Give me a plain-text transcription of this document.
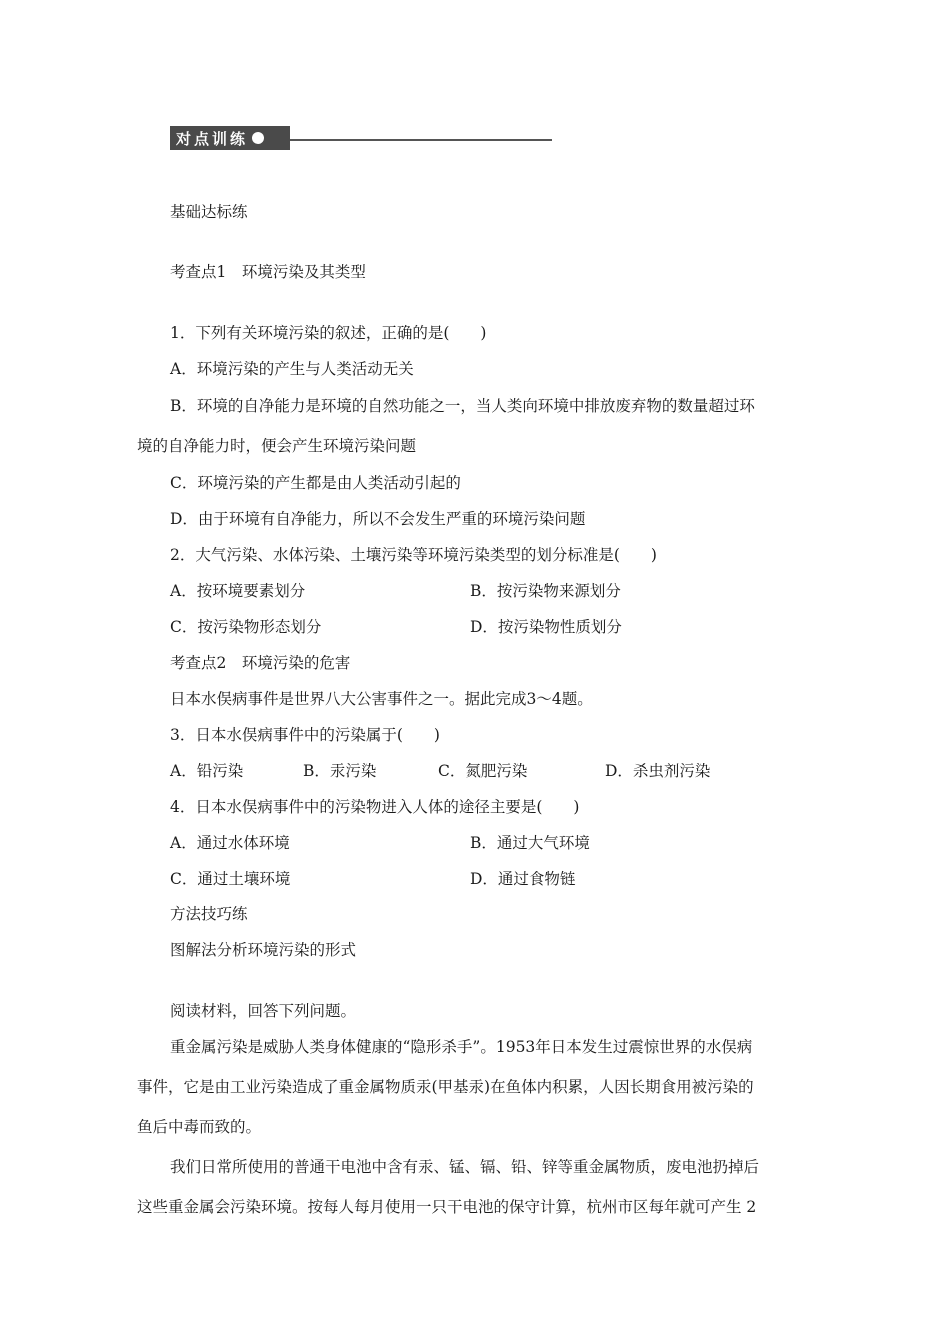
对点训练
基础达标练
考查点1　环境污染及其类型
1．下列有关环境污染的叙述，正确的是(　　)
A．环境污染的产生与人类活动无关
B．环境的自净能力是环境的自然功能之一，当人类向环境中排放废弃物的数量超过环
境的自净能力时，便会产生环境污染问题
C．环境污染的产生都是由人类活动引起的
D．由于环境有自净能力，所以不会发生严重的环境污染问题
2．大气污染、水体污染、土壤污染等环境污染类型的划分标准是(　　)
A．按环境要素划分	B．按污染物来源划分
C．按污染物形态划分	D．按污染物性质划分
考查点2　环境污染的危害
日本水俣病事件是世界八大公害事件之一。据此完成3～4题。
3．日本水俣病事件中的污染属于(　　)
A．铅污染	B．汞污染	C．氮肥污染	D．杀虫剂污染
4．日本水俣病事件中的污染物进入人体的途径主要是(　　)
A．通过水体环境	B．通过大气环境
C．通过土壤环境	D．通过食物链
方法技巧练
图解法分析环境污染的形式
阅读材料，回答下列问题。
重金属污染是威胁人类身体健康的“隐形杀手”。1953年日本发生过震惊世界的水俣病
事件，它是由工业污染造成了重金属物质汞(甲基汞)在鱼体内积累，人因长期食用被污染的
鱼后中毒而致的。
我们日常所使用的普通干电池中含有汞、锰、镉、铅、锌等重金属物质，废电池扔掉后
这些重金属会污染环境。按每人每月使用一只干电池的保守计算，杭州市区每年就可产生 2
